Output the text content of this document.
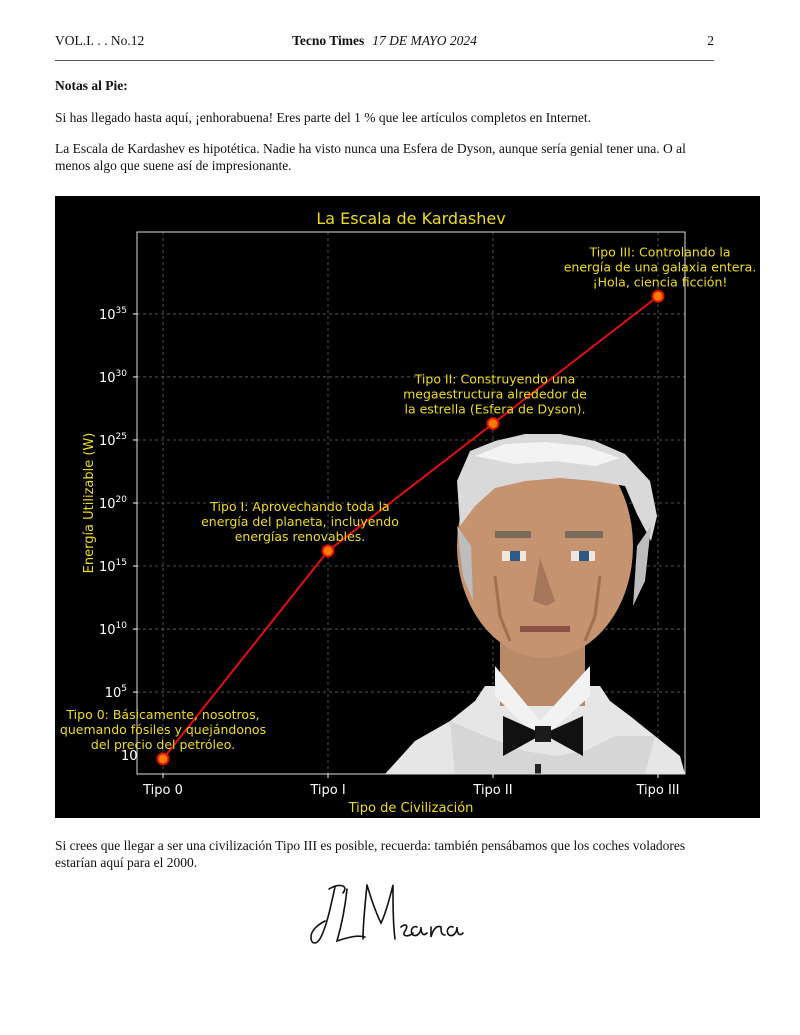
VOL.I. . . No.12	Tecno Times 17 DE MAYO 2024	2
Notas al Pie:
Si has llegado hasta aquí, ¡enhorabuena! Eres parte del 1 % que lee artículos completos en Internet.
La Escala de Kardashev es hipotética. Nadie ha visto nunca una Esfera de Dyson, aunque sería genial tener una. O al menos algo que suene así de impresionante.
$10^5$
$10^{10}$
$10^{15}$
$10^{20}$
$10^{25}$
$10^{30}$
$10^{35}$
10
Tipo 0	Tipo I	Tipo II	Tipo III
La Escala de Kardashev
Tipo de Civilización
Energía Utilizable (W)
Tipo 0: Básicamente, nosotros, quemando fósiles y quejándonos del precio del petróleo.
Tipo I: Aprovechando toda la energía del planeta, incluyendo energías renovables.
Tipo II: Construyendo una megaestructura alrededor de la estrella (Esfera de Dyson).
Tipo III: Controlando la energía de una galaxia entera. ¡Hola, ciencia ficción!
Si crees que llegar a ser una civilización Tipo III es posible, recuerda: también pensábamos que los coches voladores estarían aquí para el 2000.
